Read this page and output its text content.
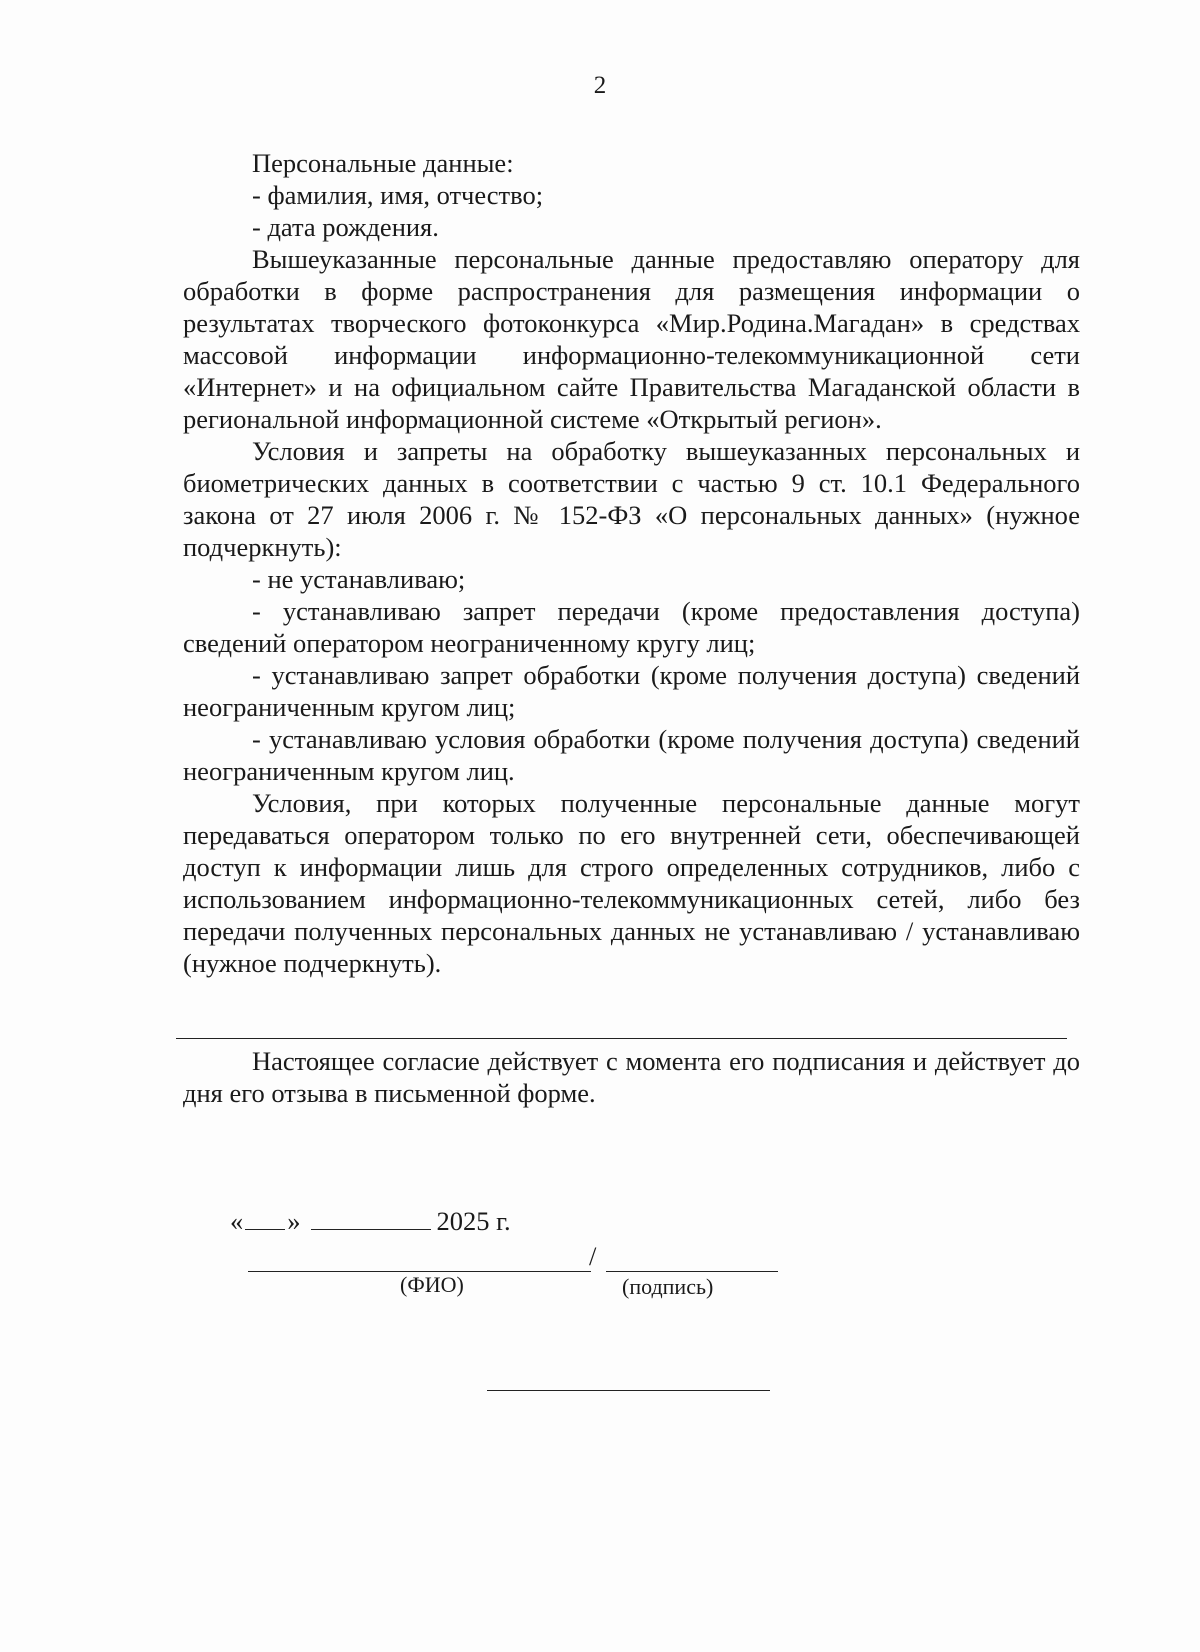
2

Персональные данные:

- фамилия, имя, отчество;

- дата рождения.

Вышеуказанные персональные данные предоставляю оператору для обработки в форме распространения для размещения информации о результатах творческого фотоконкурса «Мир.Родина.Магадан» в средствах массовой информации информационно-телекоммуникационной сети «Интернет» и на официальном сайте Правительства Магаданской области в региональной информационной системе «Открытый регион».

Условия и запреты на обработку вышеуказанных персональных и биометрических данных в соответствии с частью 9 ст. 10.1 Федерального закона от 27 июля 2006 г. № 152-ФЗ «О персональных данных» (нужное подчеркнуть):

- не устанавливаю;

- устанавливаю запрет передачи (кроме предоставления доступа) сведений оператором неограниченному кругу лиц;

- устанавливаю запрет обработки (кроме получения доступа) сведений неограниченным кругом лиц;

- устанавливаю условия обработки (кроме получения доступа) сведений неограниченным кругом лиц.

Условия, при которых полученные персональные данные могут передаваться оператором только по его внутренней сети, обеспечивающей доступ к информации лишь для строго определенных сотрудников, либо с использованием информационно-телекоммуникационных сетей, либо без передачи полученных персональных данных не устанавливаю / устанавливаю (нужное подчеркнуть).

Настоящее согласие действует с момента его подписания и действует до дня его отзыва в письменной форме.

« »	2025 г.
/
(ФИО)	(подпись)
